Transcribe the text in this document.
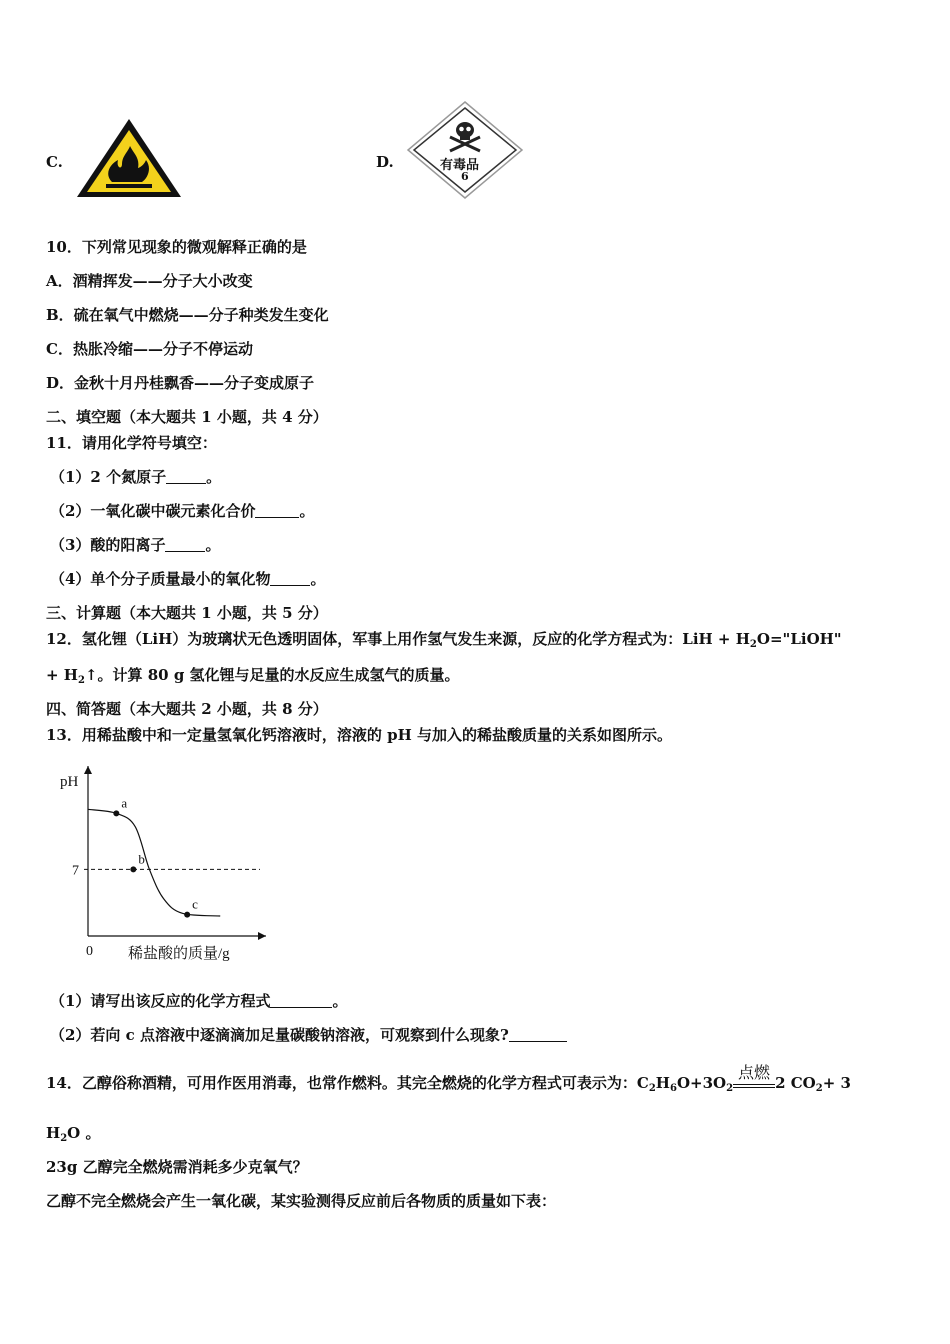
C.	D.	有毒品
6
10．下列常见现象的微观解释正确的是
A．酒精挥发——分子大小改变
B．硫在氧气中燃烧——分子种类发生变化
C．热胀冷缩——分子不停运动
D．金秋十月丹桂飘香——分子变成原子
二、填空题（本大题共 1 小题，共 4 分）
11．请用化学符号填空：
（1）2 个氮原子	。
（2）一氧化碳中碳元素化合价	。
（3）酸的阳离子	。
（4）单个分子质量最小的氧化物	。
三、计算题（本大题共 1 小题，共 5 分）
12．氢化锂（LiH）为玻璃状无色透明固体，军事上用作氢气发生来源，反应的化学方程式为：LiH + $H_2O="LiOH$"
+ $H_2↑$。计算 80 g 氢化锂与足量的水反应生成氢气的质量。
四、简答题（本大题共 2 小题，共 8 分）
13．用稀盐酸中和一定量氢氧化钙溶液时，溶液的 pH 与加入的稀盐酸质量的关系如图所示。
a
b
c
pH
0 稀盐酸的质量/g
7
（1）请写出该反应的化学方程式	。
（2）若向 c 点溶液中逐滴滴加足量碳酸钠溶液，可观察到什么现象?
14．乙醇俗称酒精，可用作医用消毒，也常作燃料。其完全燃烧的化学方程式可表示为：$C_2H_6O+3O_2$
点燃
2 $CO_2+ 3$
$H_2O$ 。
23g 乙醇完全燃烧需消耗多少克氧气？
乙醇不完全燃烧会产生一氧化碳，某实验测得反应前后各物质的质量如下表：
